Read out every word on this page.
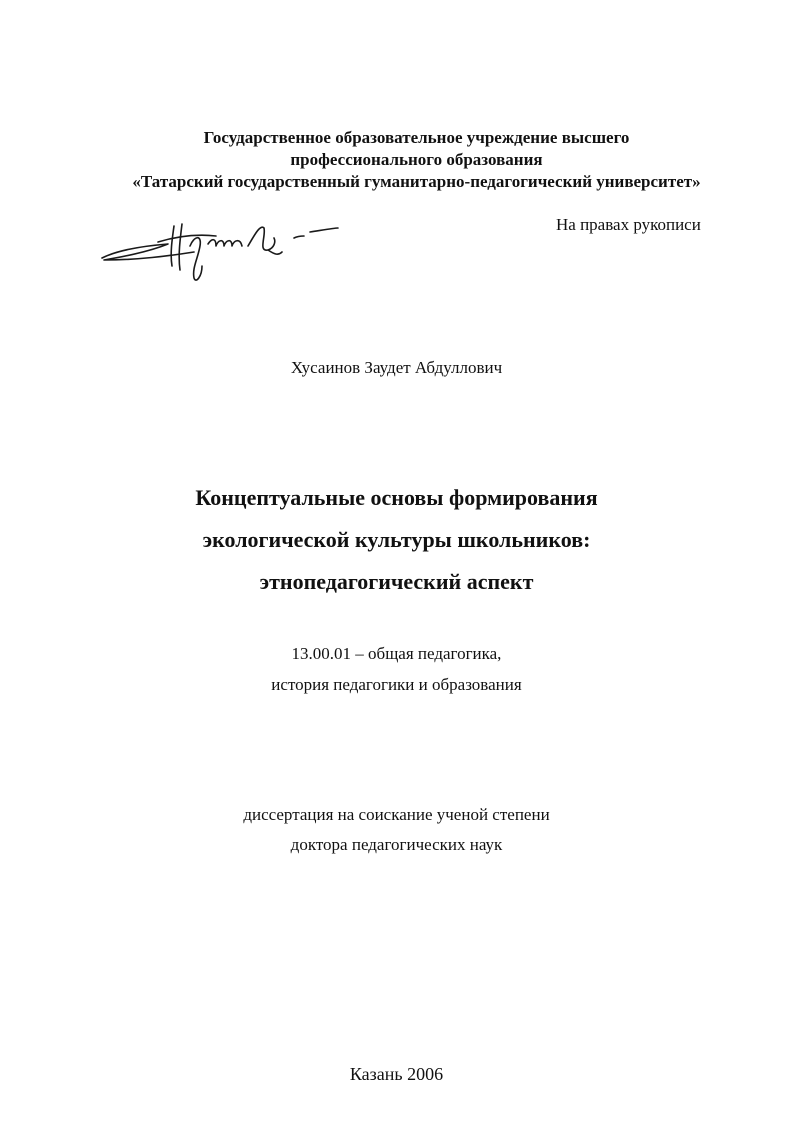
Государственное образовательное учреждение высшего
профессионального образования
«Татарский государственный гуманитарно-педагогический университет»
На правах рукописи
Хусаинов Заудет Абдуллович
Концептуальные основы формирования
экологической культуры школьников:
этнопедагогический аспект
13.00.01 – общая педагогика,
история педагогики и образования
диссертация на соискание ученой степени
доктора педагогических наук
Казань 2006
